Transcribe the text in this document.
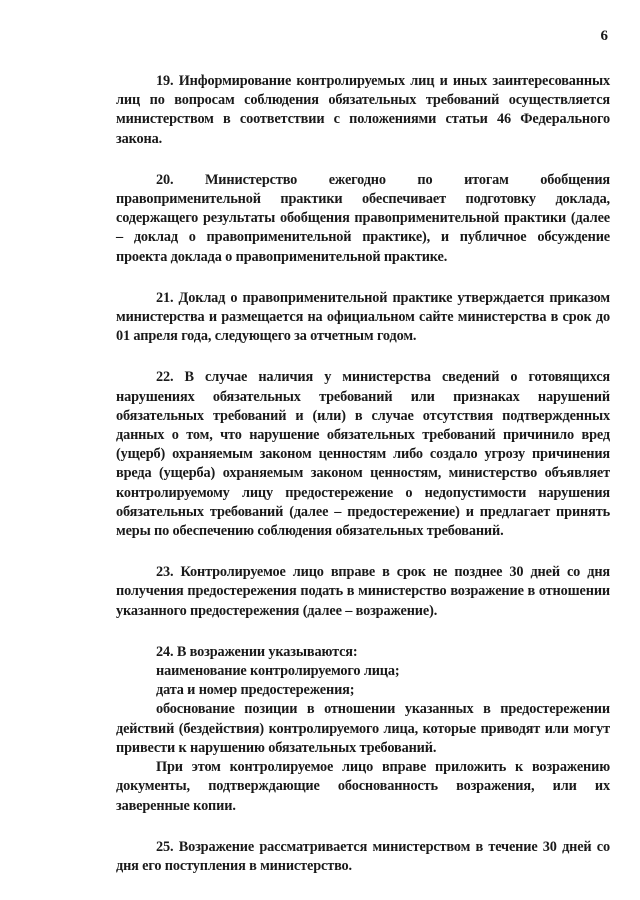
6

19. Информирование контролируемых лиц и иных заинтересованных лиц по вопросам соблюдения обязательных требований осуществляется министерством в соответствии с положениями статьи 46 Федерального закона.

20. Министерство ежегодно по итогам обобщения правоприменительной практики обеспечивает подготовку доклада, содержащего результаты обобщения правоприменительной практики (далее – доклад о правоприменительной практике), и публичное обсуждение проекта доклада о правоприменительной практике.

21. Доклад о правоприменительной практике утверждается приказом министерства и размещается на официальном сайте министерства в срок до 01 апреля года, следующего за отчетным годом.

22. В случае наличия у министерства сведений о готовящихся нарушениях обязательных требований или признаках нарушений обязательных требований и (или) в случае отсутствия подтвержденных данных о том, что нарушение обязательных требований причинило вред (ущерб) охраняемым законом ценностям либо создало угрозу причинения вреда (ущерба) охраняемым законом ценностям, министерство объявляет контролируемому лицу предостережение о недопустимости нарушения обязательных требований (далее – предостережение) и предлагает принять меры по обеспечению соблюдения обязательных требований.

23. Контролируемое лицо вправе в срок не позднее 30 дней со дня получения предостережения подать в министерство возражение в отношении указанного предостережения (далее – возражение).

24. В возражении указываются:

наименование контролируемого лица;

дата и номер предостережения;

обоснование позиции в отношении указанных в предостережении действий (бездействия) контролируемого лица, которые приводят или могут привести к нарушению обязательных требований.

При этом контролируемое лицо вправе приложить к возражению документы, подтверждающие обоснованность возражения, или их заверенные копии.

25. Возражение рассматривается министерством в течение 30 дней со дня его поступления в министерство.
